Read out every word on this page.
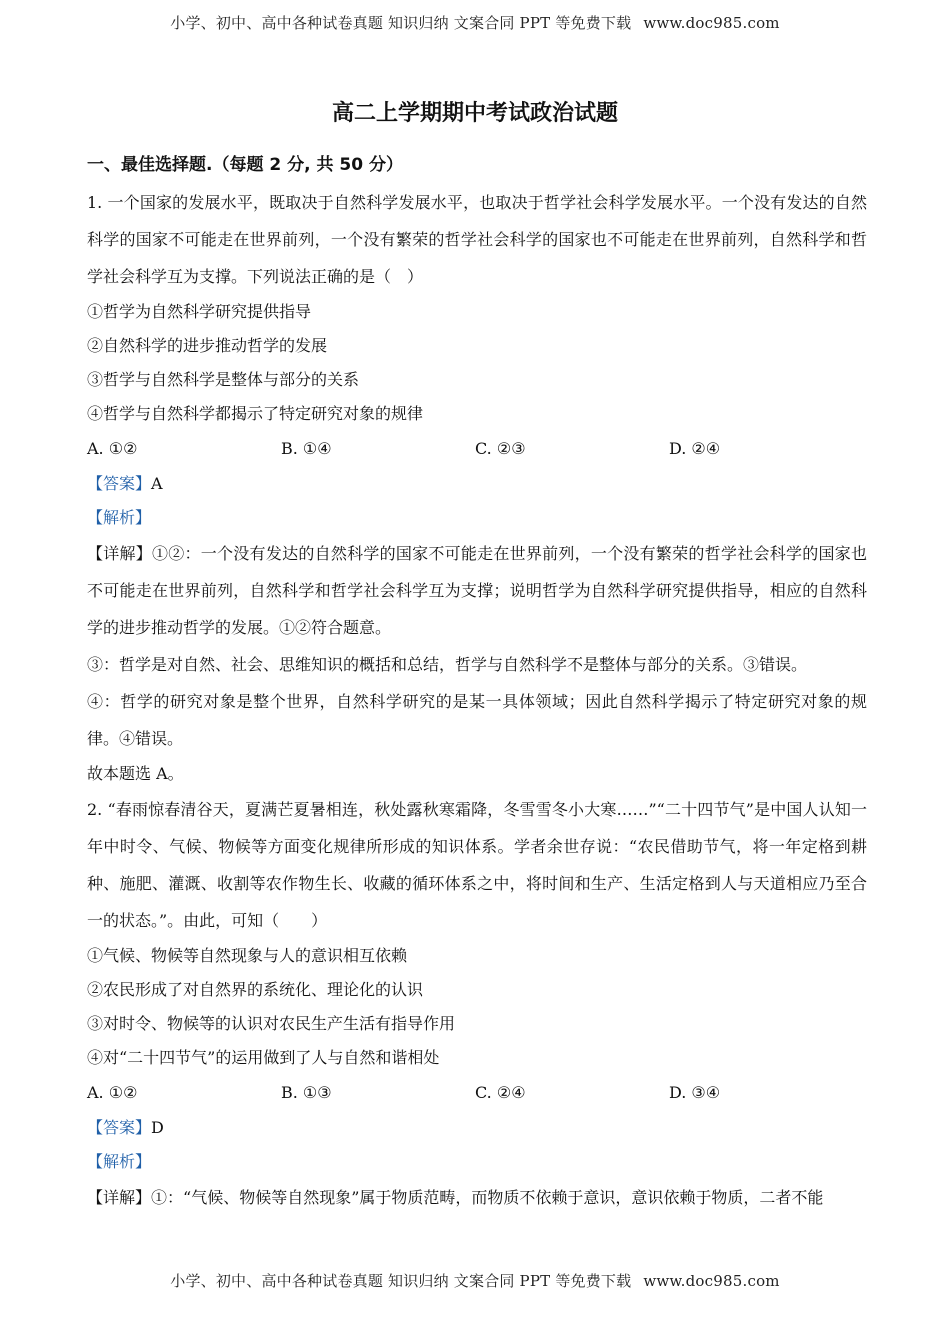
小学、初中、高中各种试卷真题 知识归纳 文案合同 PPT 等免费下载 www.doc985.com
高二上学期期中考试政治试题
一、最佳选择题.（每题 2 分, 共 50 分）
1. 一个国家的发展水平，既取决于自然科学发展水平，也取决于哲学社会科学发展水平。一个没有发达的自然科学的国家不可能走在世界前列，一个没有繁荣的哲学社会科学的国家也不可能走在世界前列，自然科学和哲学社会科学互为支撑。下列说法正确的是（　）
①哲学为自然科学研究提供指导
②自然科学的进步推动哲学的发展
③哲学与自然科学是整体与部分的关系
④哲学与自然科学都揭示了特定研究对象的规律
A. ①②	B. ①④	C. ②③	D. ②④
【答案】A
【解析】
【详解】①②：一个没有发达的自然科学的国家不可能走在世界前列，一个没有繁荣的哲学社会科学的国家也不可能走在世界前列，自然科学和哲学社会科学互为支撑；说明哲学为自然科学研究提供指导，相应的自然科学的进步推动哲学的发展。①②符合题意。
③：哲学是对自然、社会、思维知识的概括和总结，哲学与自然科学不是整体与部分的关系。③错误。
④：哲学的研究对象是整个世界，自然科学研究的是某一具体领域；因此自然科学揭示了特定研究对象的规律。④错误。
故本题选 A。
2. “春雨惊春清谷天，夏满芒夏暑相连，秋处露秋寒霜降，冬雪雪冬小大寒……”“二十四节气”是中国人认知一年中时令、气候、物候等方面变化规律所形成的知识体系。学者余世存说：“农民借助节气，将一年定格到耕种、施肥、灌溉、收割等农作物生长、收藏的循环体系之中，将时间和生产、生活定格到人与天道相应乃至合一的状态。”。由此，可知（　　）
①气候、物候等自然现象与人的意识相互依赖
②农民形成了对自然界的系统化、理论化的认识
③对时令、物候等的认识对农民生产生活有指导作用
④对“二十四节气”的运用做到了人与自然和谐相处
A. ①②	B. ①③	C. ②④	D. ③④
【答案】D
【解析】
【详解】①：“气候、物候等自然现象”属于物质范畴，而物质不依赖于意识，意识依赖于物质，二者不能
小学、初中、高中各种试卷真题 知识归纳 文案合同 PPT 等免费下载 www.doc985.com
